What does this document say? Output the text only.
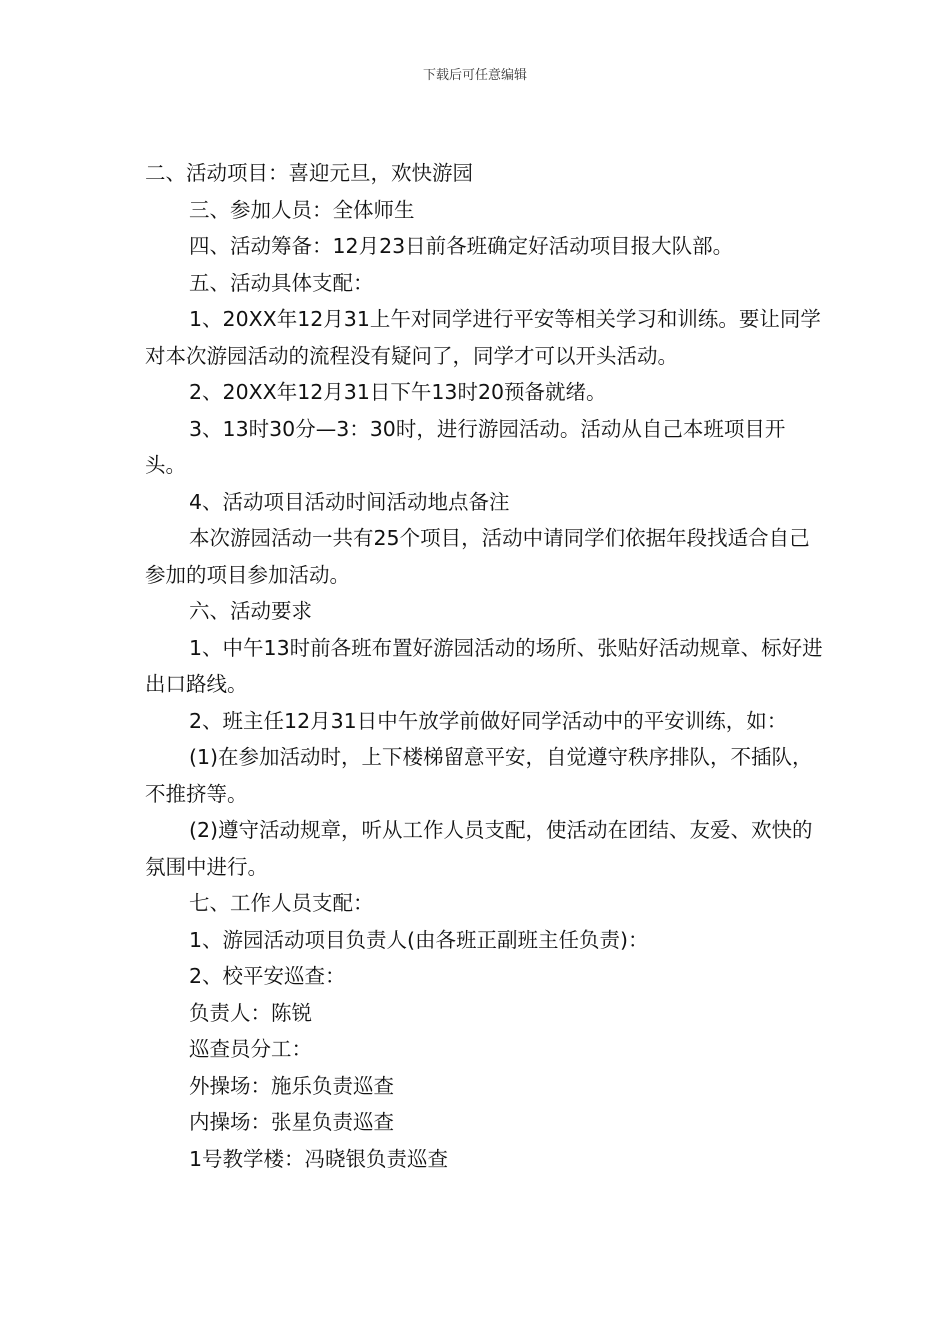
下载后可任意编辑

二、活动项目：喜迎元旦，欢快游园

三、参加人员：全体师生

四、活动筹备：12月23日前各班确定好活动项目报大队部。

五、活动具体支配：

1、20XX年12月31上午对同学进行平安等相关学习和训练。要让同学对本次游园活动的流程没有疑问了，同学才可以开头活动。

2、20XX年12月31日下午13时20预备就绪。

3、13时30分—3：30时，进行游园活动。活动从自己本班项目开头。

4、活动项目活动时间活动地点备注

本次游园活动一共有25个项目，活动中请同学们依据年段找适合自己参加的项目参加活动。

六、活动要求

1、中午13时前各班布置好游园活动的场所、张贴好活动规章、标好进出口路线。

2、班主任12月31日中午放学前做好同学活动中的平安训练，如：

(1)在参加活动时，上下楼梯留意平安，自觉遵守秩序排队，不插队，不推挤等。

(2)遵守活动规章，听从工作人员支配，使活动在团结、友爱、欢快的氛围中进行。

七、工作人员支配：

1、游园活动项目负责人(由各班正副班主任负责)：

2、校平安巡查：

负责人：陈锐

巡查员分工：

外操场：施乐负责巡查

内操场：张星负责巡查

1号教学楼：冯晓银负责巡查
